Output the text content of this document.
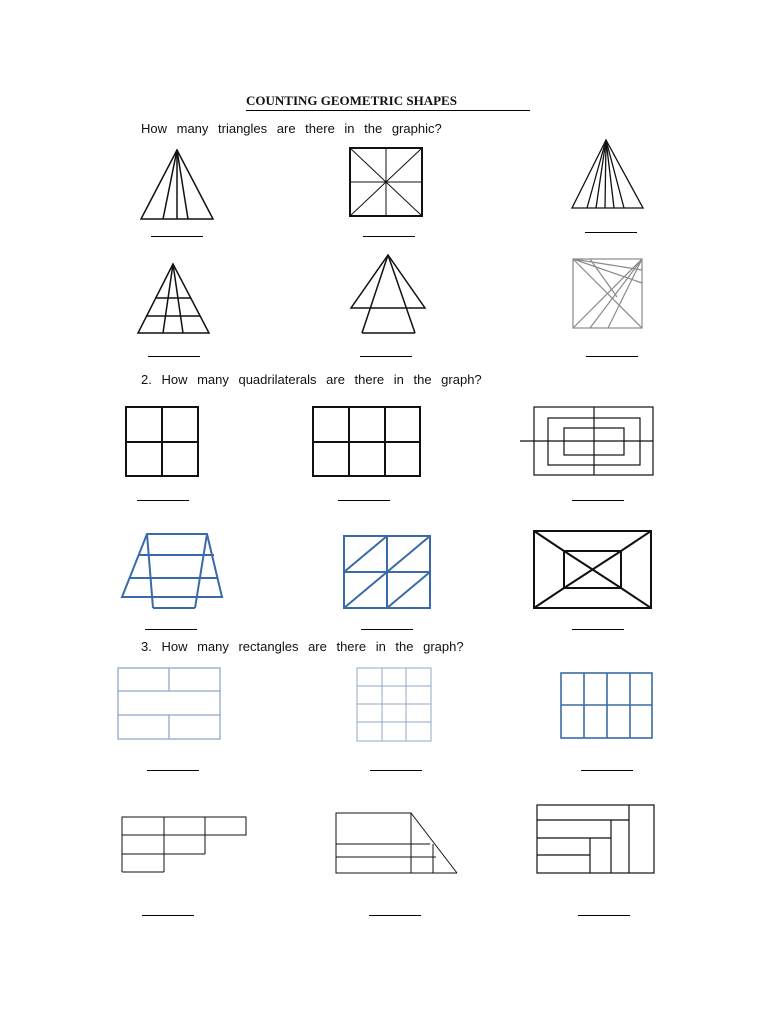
COUNTING GEOMETRIC SHAPES
How many triangles are there in the graphic?
2. How many quadrilaterals are there in the graph?
3. How many rectangles are there in the graph?
